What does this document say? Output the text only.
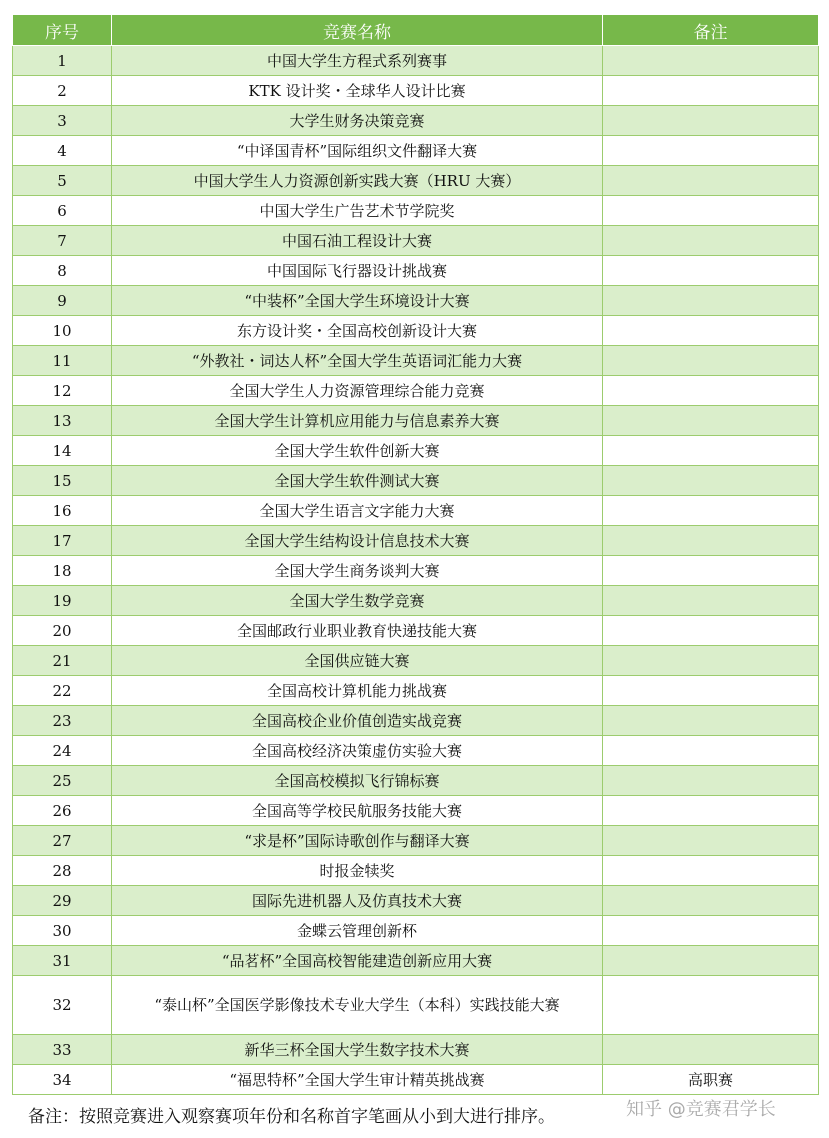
序号	竞赛名称	备注
1	中国大学生方程式系列赛事	
2	KTK 设计奖・全球华人设计比赛	
3	大学生财务决策竞赛	
4	“中译国青杯”国际组织文件翻译大赛	
5	中国大学生人力资源创新实践大赛（HRU 大赛）	
6	中国大学生广告艺术节学院奖	
7	中国石油工程设计大赛	
8	中国国际飞行器设计挑战赛	
9	“中装杯”全国大学生环境设计大赛	
10	东方设计奖・全国高校创新设计大赛	
11	“外教社・词达人杯”全国大学生英语词汇能力大赛	
12	全国大学生人力资源管理综合能力竞赛	
13	全国大学生计算机应用能力与信息素养大赛	
14	全国大学生软件创新大赛	
15	全国大学生软件测试大赛	
16	全国大学生语言文字能力大赛	
17	全国大学生结构设计信息技术大赛	
18	全国大学生商务谈判大赛	
19	全国大学生数学竞赛	
20	全国邮政行业职业教育快递技能大赛	
21	全国供应链大赛	
22	全国高校计算机能力挑战赛	
23	全国高校企业价值创造实战竞赛	
24	全国高校经济决策虚仿实验大赛	
25	全国高校模拟飞行锦标赛	
26	全国高等学校民航服务技能大赛	
27	“求是杯”国际诗歌创作与翻译大赛	
28	时报金犊奖	
29	国际先进机器人及仿真技术大赛	
30	金蝶云管理创新杯	
31	“品茗杯”全国高校智能建造创新应用大赛	
32	“泰山杯”全国医学影像技术专业大学生（本科）实践技能大赛	
33	新华三杯全国大学生数字技术大赛	
34	“福思特杯”全国大学生审计精英挑战赛	高职赛
备注：按照竞赛进入观察赛项年份和名称首字笔画从小到大进行排序。	知乎 @竞赛君学长
